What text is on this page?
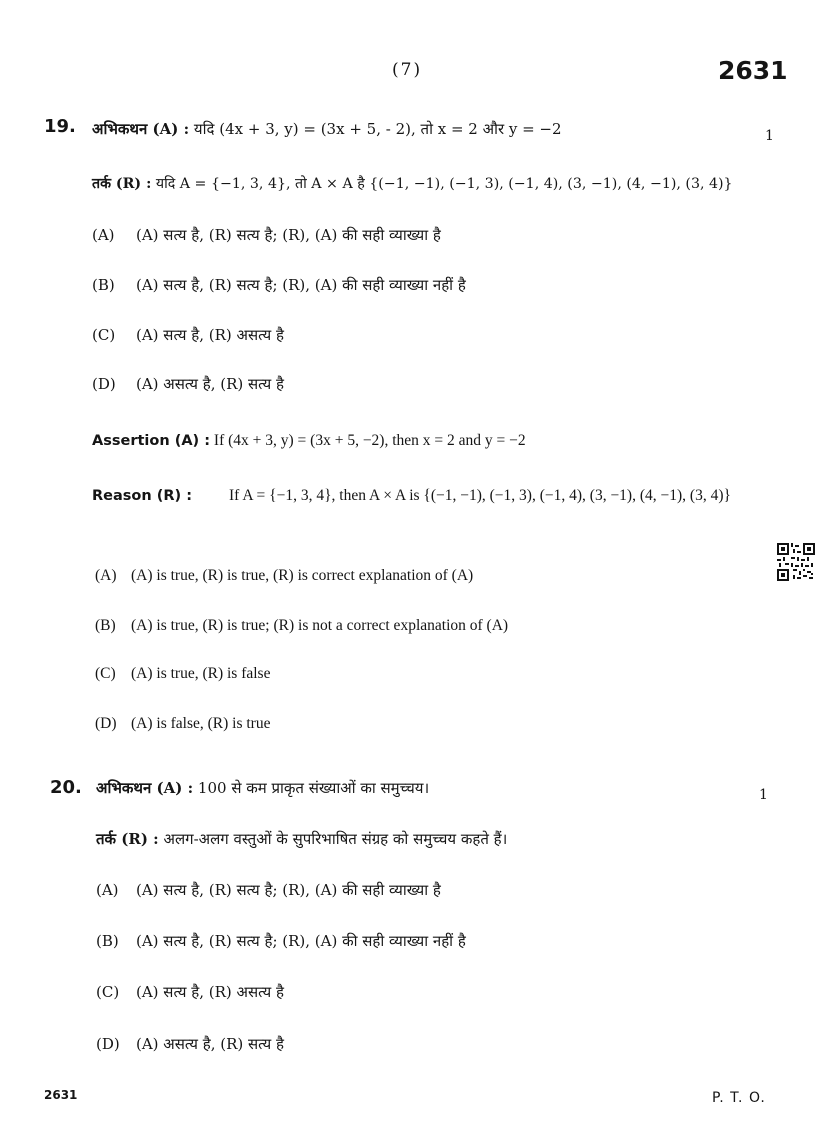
(7)	2631
19.	1
अभिकथन (A) : यदि (4x + 3, y) = (3x + 5, - 2), तो x = 2 और y = −2
तर्क (R) : यदि A = {−1, 3, 4}, तो A × A है {(−1, −1), (−1, 3), (−1, 4), (3, −1), (4, −1), (3, 4)}
(A) (A) सत्य है, (R) सत्य है; (R), (A) की सही व्याख्या है
(B) (A) सत्य है, (R) सत्य है; (R), (A) की सही व्याख्या नहीं है
(C) (A) सत्य है, (R) असत्य है
(D) (A) असत्य है, (R) सत्य है
Assertion (A) : If (4x + 3, y) = (3x + 5, −2), then x = 2 and y = −2
Reason (R) : If A = {−1, 3, 4}, then A × A is {(−1, −1), (−1, 3), (−1, 4), (3, −1), (4, −1), (3, 4)}
(A) (A) is true, (R) is true, (R) is correct explanation of (A)
(B) (A) is true, (R) is true; (R) is not a correct explanation of (A)
(C) (A) is true, (R) is false
(D) (A) is false, (R) is true
20.	1
अभिकथन (A) : 100 से कम प्राकृत संख्याओं का समुच्चय।
तर्क (R) : अलग-अलग वस्तुओं के सुपरिभाषित संग्रह को समुच्चय कहते हैं।
(A) (A) सत्य है, (R) सत्य है; (R), (A) की सही व्याख्या है
(B) (A) सत्य है, (R) सत्य है; (R), (A) की सही व्याख्या नहीं है
(C) (A) सत्य है, (R) असत्य है
(D) (A) असत्य है, (R) सत्य है
2631	P. T. O.
